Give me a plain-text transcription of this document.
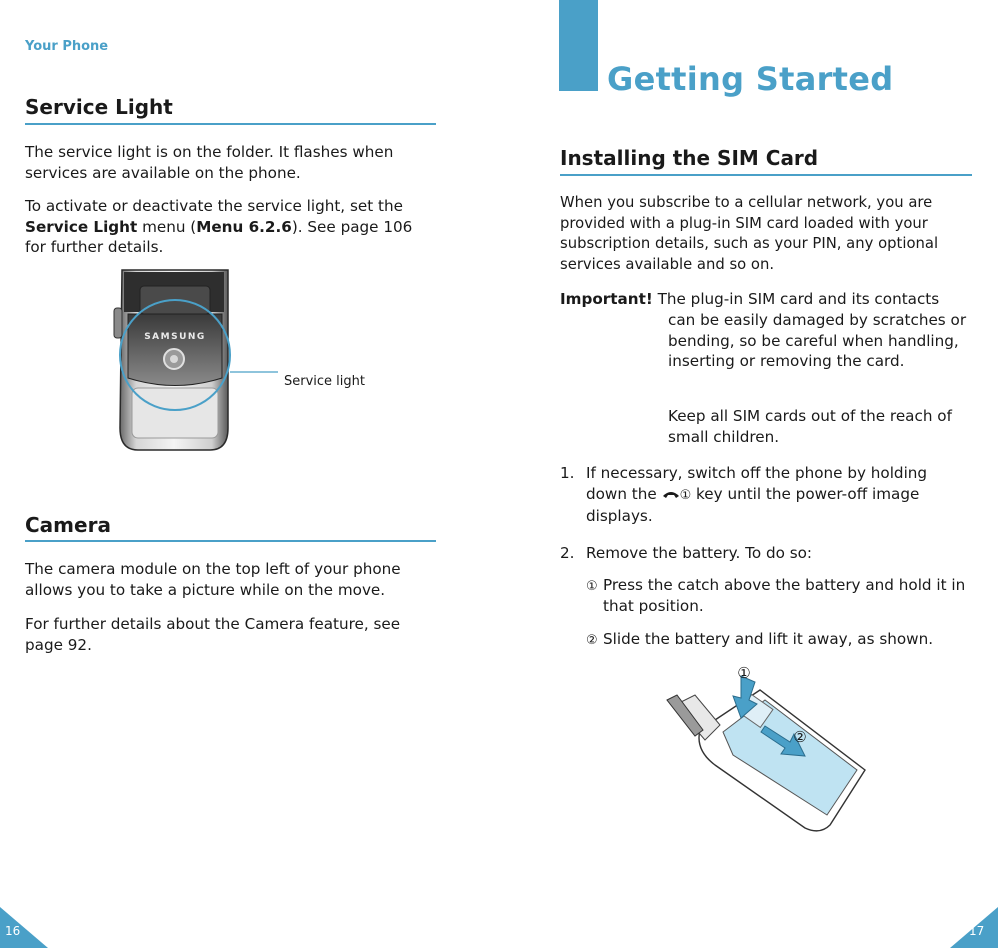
Your Phone
Service Light

The service light is on the folder. It flashes when services are available on the phone.

To activate or deactivate the service light, set the Service Light menu (Menu 6.2.6). See page 106 for further details.

SAMSUNG
Service light
Camera

The camera module on the top left of your phone allows you to take a picture while on the move.

For further details about the Camera feature, see page 92.

16
Getting Started
Installing the SIM Card

When you subscribe to a cellular network, you are provided with a plug-in SIM card loaded with your subscription details, such as your PIN, any optional services available and so on.

Important! The plug-in SIM card and its contacts

can be easily damaged by scratches or bending, so be careful when handling, inserting or removing the card.

Keep all SIM cards out of the reach of small children.

1. If necessary, switch off the phone by holding down the ① key until the power-off image displays.

2. Remove the battery. To do so:

① Press the catch above the battery and hold it in that position.

② Slide the battery and lift it away, as shown.

①
②
17
